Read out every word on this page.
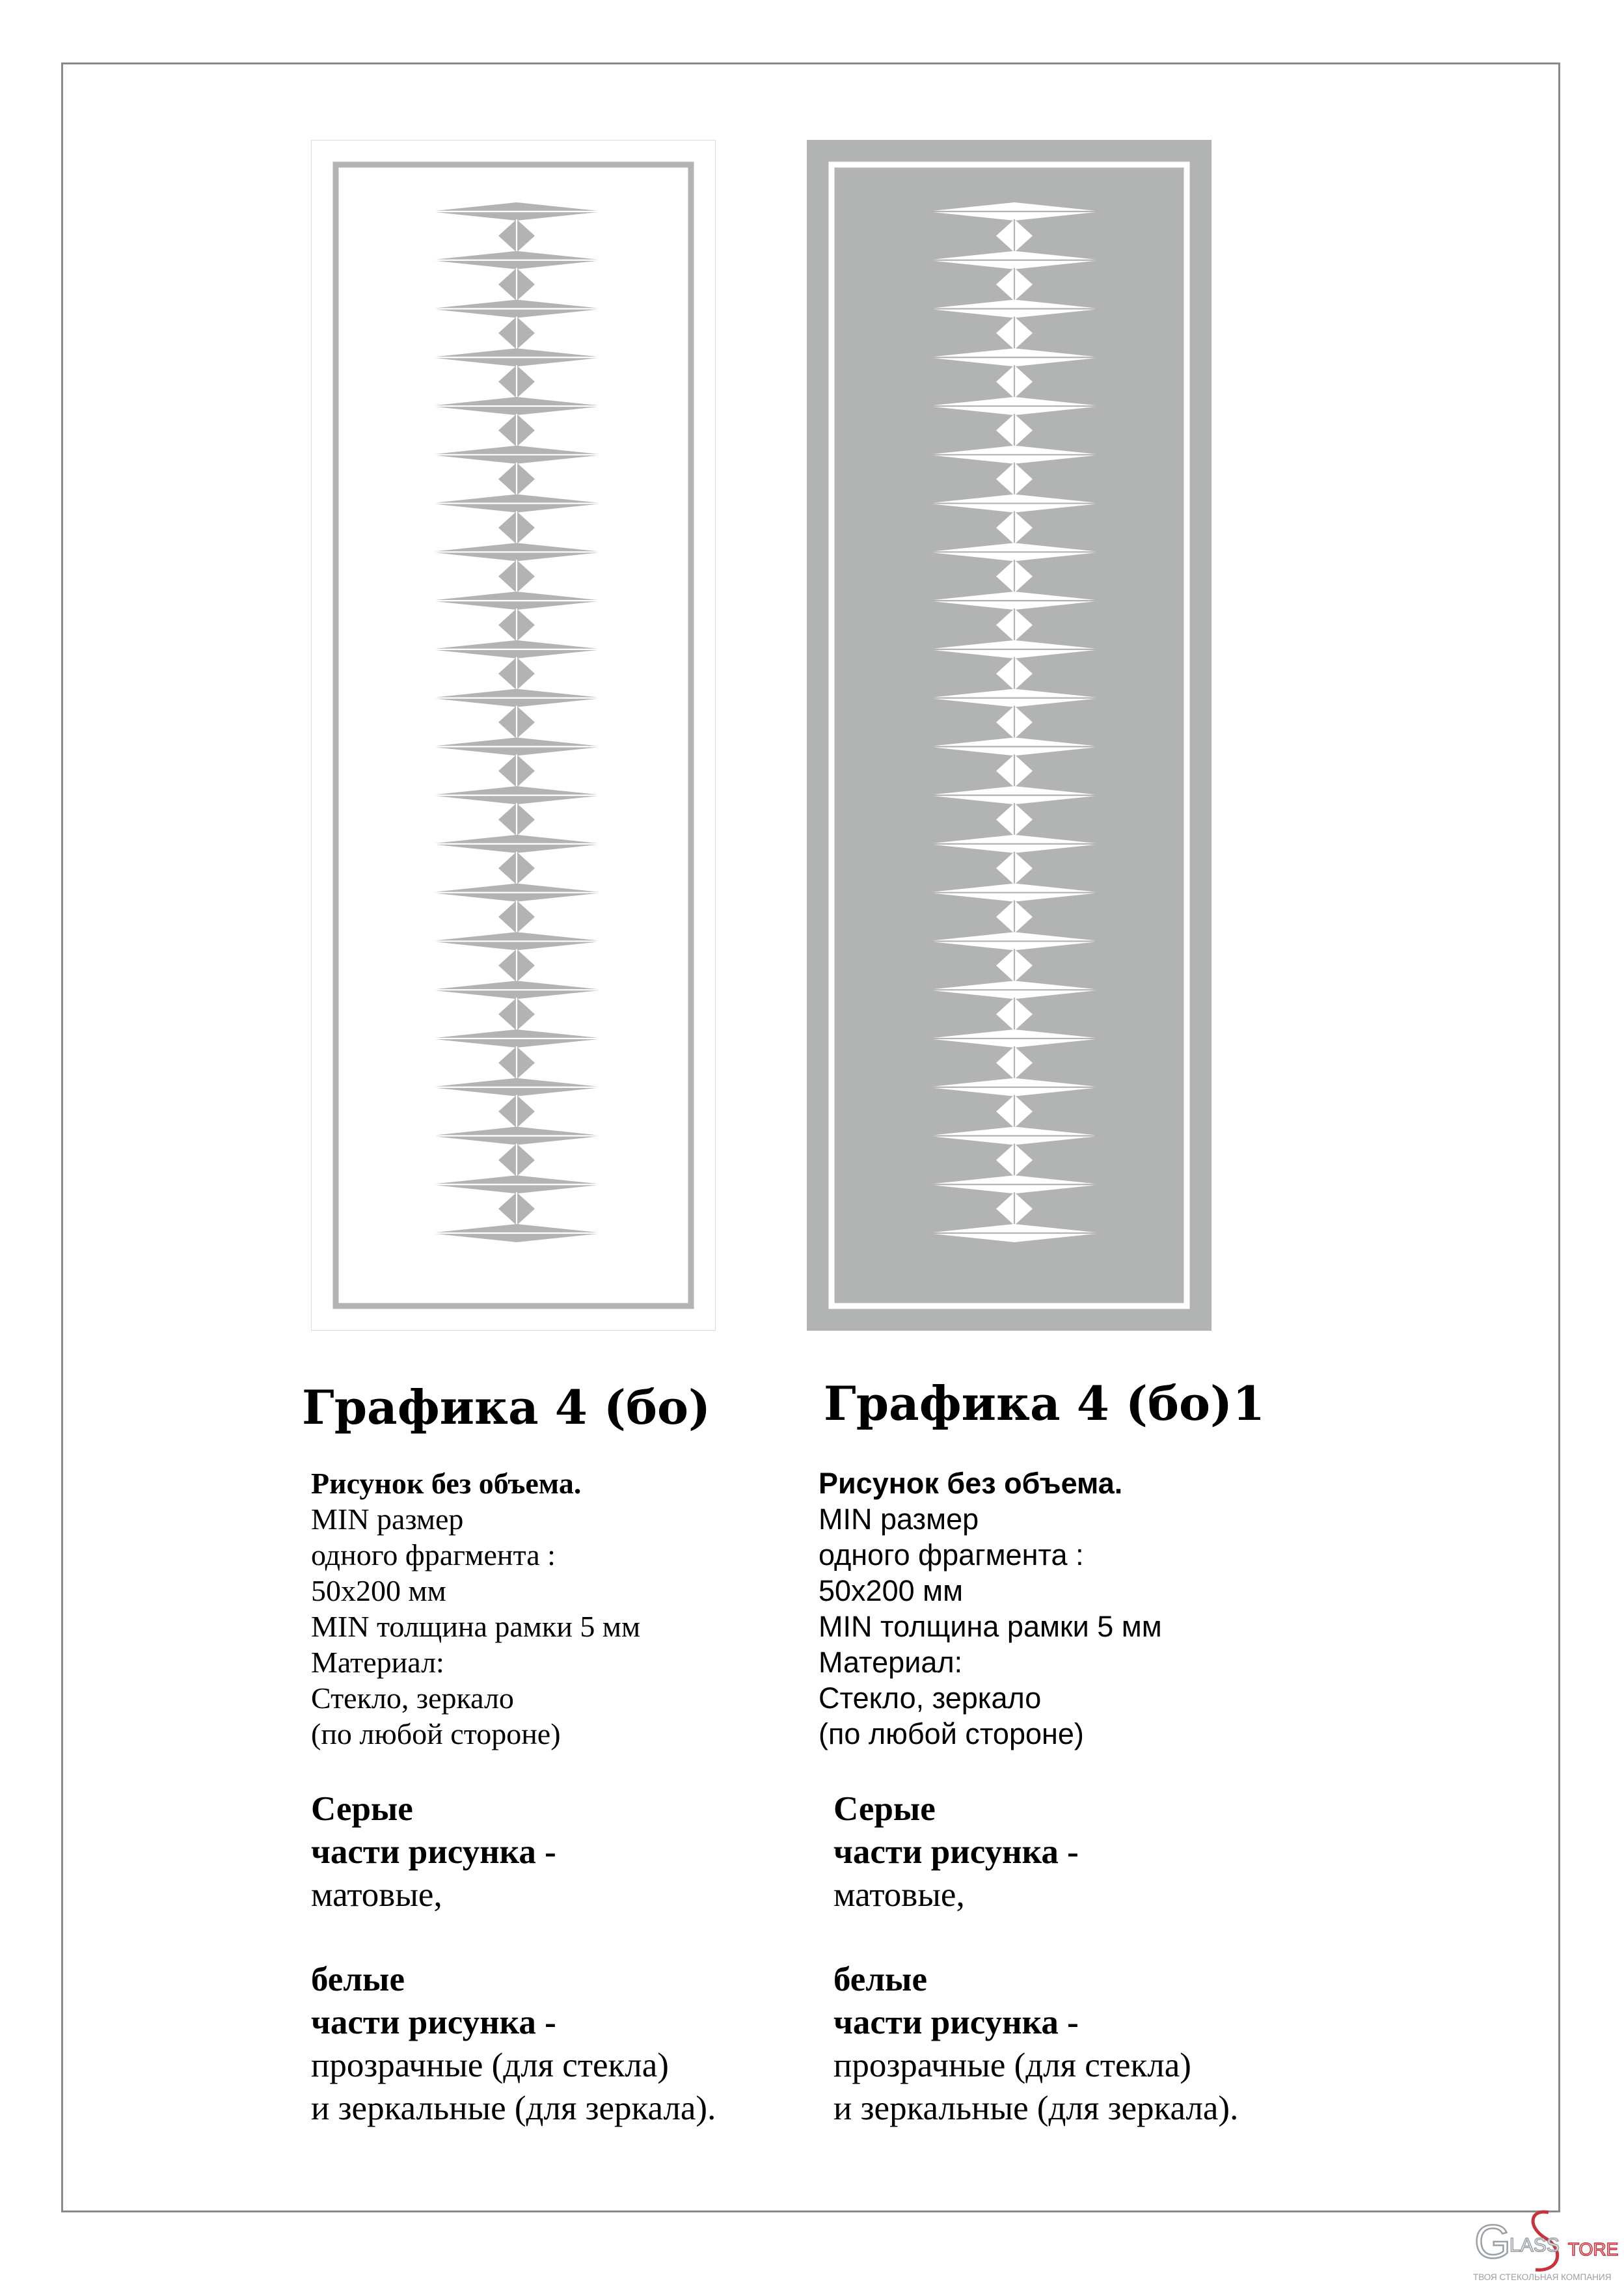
Графика 4 (бо)
Рисунок без объема.
MIN размер
одного фрагмента :
50х200 мм
MIN толщина рамки 5 мм
Материал:
Стекло, зеркало
(по любой стороне)
Серые
части рисунка -
матовые,
белые
части рисунка -
прозрачные (для стекла)
и зеркальные (для зеркала).
Графика 4 (бо)1
Рисунок без объема.
MIN размер
одного фрагмента :
50х200 мм
MIN толщина рамки 5 мм
Материал:
Стекло, зеркало
(по любой стороне)
Серые
части рисунка -
матовые,
белые
части рисунка -
прозрачные (для стекла)
и зеркальные (для зеркала).
G
LASS TORE
ТВОЯ СТЕКОЛЬНАЯ КОМПАНИЯ
